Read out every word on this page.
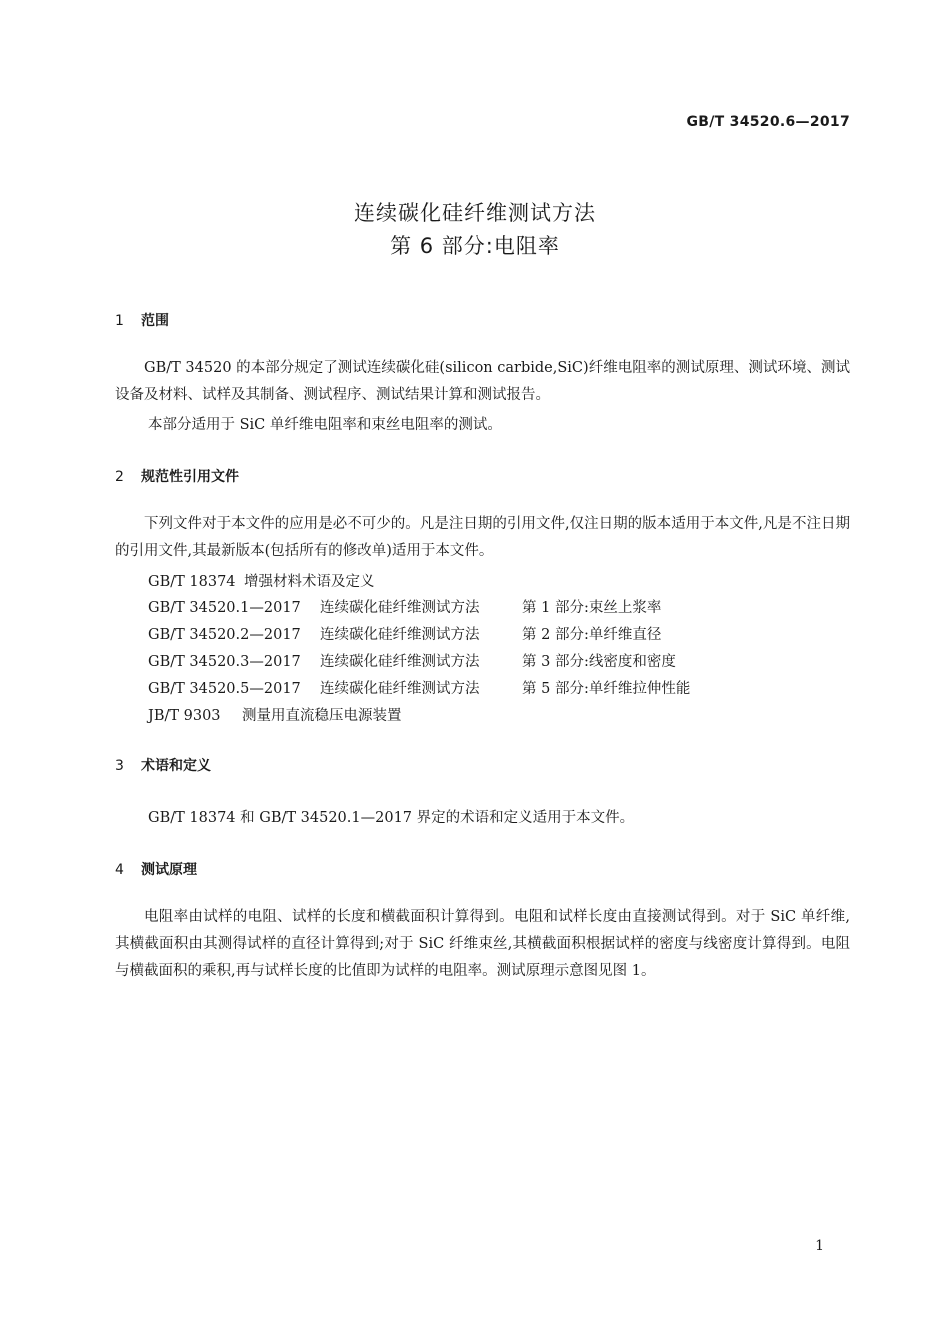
GB/T 34520.6—2017
连续碳化硅纤维测试方法
第 6 部分:电阻率
1 范围
GB/T 34520 的本部分规定了测试连续碳化硅(silicon carbide,SiC)纤维电阻率的测试原理、测试环境、测试设备及材料、试样及其制备、测试程序、测试结果计算和测试报告。
本部分适用于 SiC 单纤维电阻率和束丝电阻率的测试。
2 规范性引用文件
下列文件对于本文件的应用是必不可少的。凡是注日期的引用文件,仅注日期的版本适用于本文件,凡是不注日期的引用文件,其最新版本(包括所有的修改单)适用于本文件。
GB/T 18374 增强材料术语及定义
GB/T 34520.1—2017 连续碳化硅纤维测试方法	第 1 部分:束丝上浆率
GB/T 34520.2—2017 连续碳化硅纤维测试方法	第 2 部分:单纤维直径
GB/T 34520.3—2017 连续碳化硅纤维测试方法	第 3 部分:线密度和密度
GB/T 34520.5—2017 连续碳化硅纤维测试方法	第 5 部分:单纤维拉伸性能
JB/T 9303 测量用直流稳压电源装置
3 术语和定义
GB/T 18374 和 GB/T 34520.1—2017 界定的术语和定义适用于本文件。
4 测试原理
电阻率由试样的电阻、试样的长度和横截面积计算得到。电阻和试样长度由直接测试得到。对于 SiC 单纤维,其横截面积由其测得试样的直径计算得到;对于 SiC 纤维束丝,其横截面积根据试样的密度与线密度计算得到。电阻与横截面积的乘积,再与试样长度的比值即为试样的电阻率。测试原理示意图见图 1。
1
